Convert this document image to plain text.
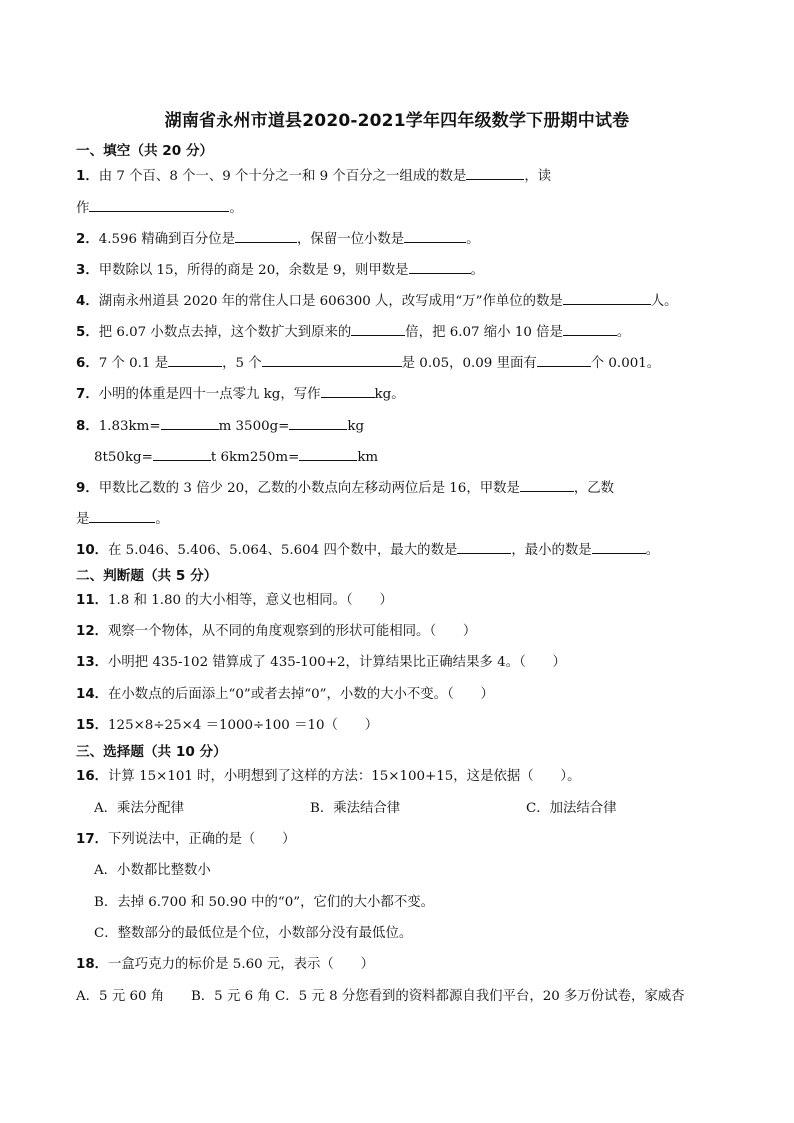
湖南省永州市道县2020-2021学年四年级数学下册期中试卷
一、填空（共 20 分）
1．由 7 个百、8 个一、9 个十分之一和 9 个百分之一组成的数是	，读
作	。
2．4.596 精确到百分位是	，保留一位小数是	。
3．甲数除以 15，所得的商是 20，余数是 9，则甲数是	。
4．湖南永州道县 2020 年的常住人口是 606300 人，改写成用“万”作单位的数是	人。
5．把 6.07 小数点去掉，这个数扩大到原来的	倍，把 6.07 缩小 10 倍是	。
6．7 个 0.1 是	，5 个	是 0.05，0.09 里面有	个 0.001。
7．小明的体重是四十一点零九 kg，写作	kg。
8．1.83km=	m 3500g=	kg
8t50kg=	t 6km250m=	km
9．甲数比乙数的 3 倍少 20，乙数的小数点向左移动两位后是 16，甲数是	，乙数
是	。
10．在 5.046、5.406、5.064、5.604 四个数中，最大的数是	，最小的数是	。
二、判断题（共 5 分）
11．1.8 和 1.80 的大小相等，意义也相同。（　　）
12．观察一个物体，从不同的角度观察到的形状可能相同。（　　）
13．小明把 435-102 错算成了 435-100+2，计算结果比正确结果多 4。（　　）
14．在小数点的后面添上“0”或者去掉“0”，小数的大小不变。（　　）
15．125×8÷25×4 ＝1000÷100 ＝10（　　）
三、选择题（共 10 分）
16．计算 15×101 时，小明想到了这样的方法：15×100+15，这是依据（　　）。
A．乘法分配律	B．乘法结合律	C．加法结合律
17．下列说法中，正确的是（　　）
A．小数都比整数小
B．去掉 6.700 和 50.90 中的“0”，它们的大小都不变。
C．整数部分的最低位是个位，小数部分没有最低位。
18．一盒巧克力的标价是 5.60 元，表示（　　）
A．5 元 60 角　　B．5 元 6 角 C．5 元 8 分您看到的资料都源自我们平台，20 多万份试卷，家威杏
